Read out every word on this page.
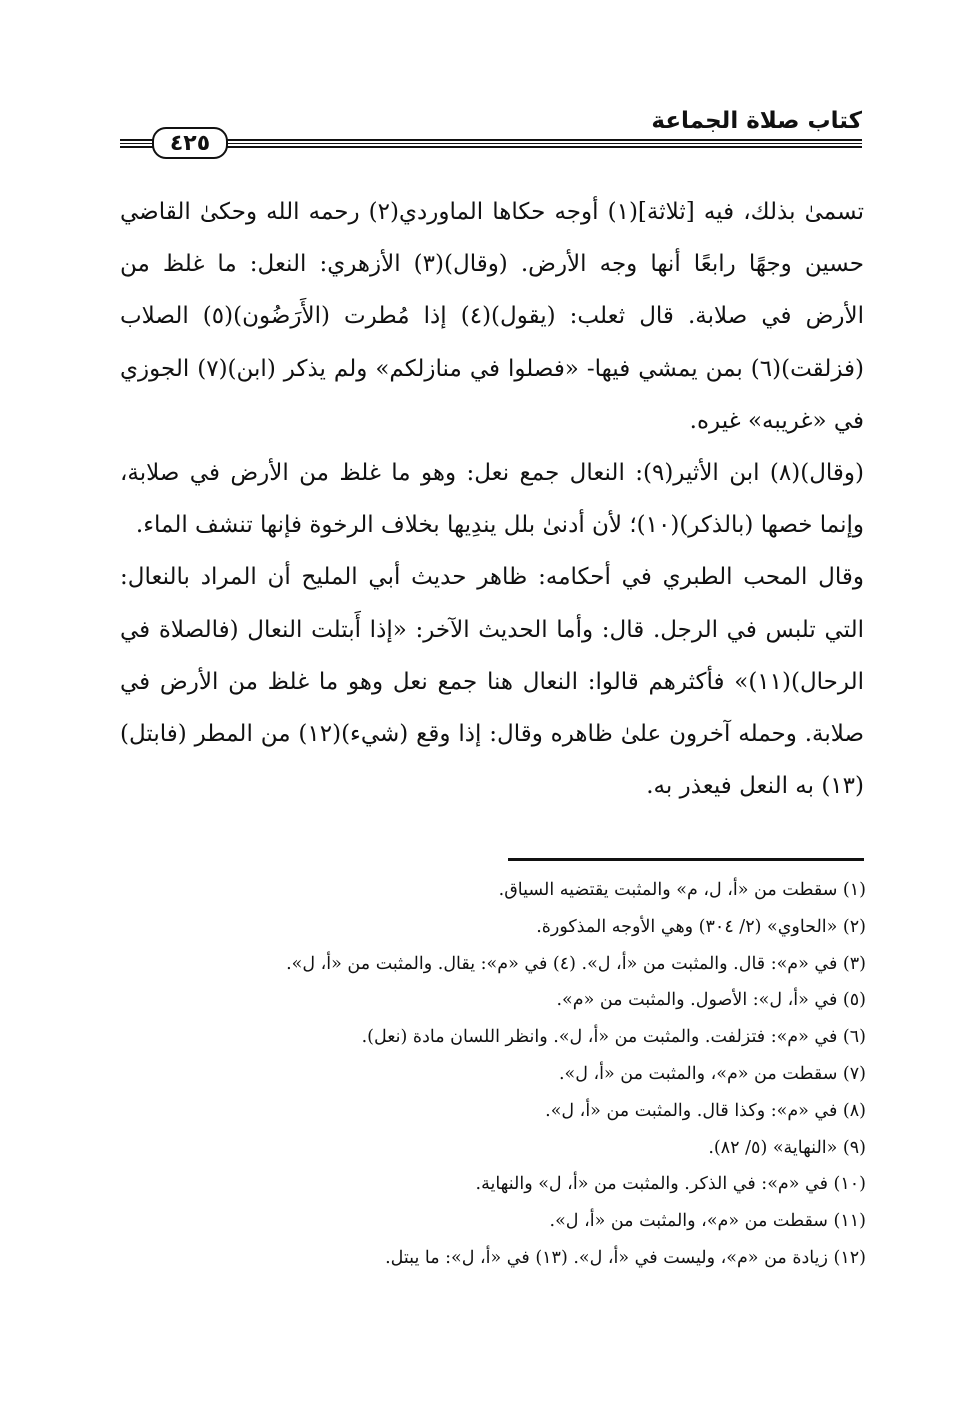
كتاب صلاة الجماعة
٤٢٥

تسمىٰ بذلك، فيه [ثلاثة](١) أوجه حكاها الماوردي(٢) رحمه الله وحكىٰ القاضي حسين وجهًا رابعًا أنها وجه الأرض. (وقال)(٣) الأزهري: النعل: ما غلظ من الأرض في صلابة. قال ثعلب: (يقول)(٤) إذا مُطرت (الأَرَضُون)(٥) الصلاب (فزلقت)(٦) بمن يمشي فيها- «فصلوا في منازلكم» ولم يذكر (ابن)(٧) الجوزي في «غريبه» غيره.

(وقال)(٨) ابن الأثير(٩): النعال جمع نعل: وهو ما غلظ من الأرض في صلابة، وإنما خصها (بالذكر)(١٠)؛ لأن أدنىٰ بلل يندِيها بخلاف الرخوة فإنها تنشف الماء.

وقال المحب الطبري في أحكامه: ظاهر حديث أبي المليح أن المراد بالنعال: التي تلبس في الرجل. قال: وأما الحديث الآخر: «إذا أَبتلت النعال (فالصلاة في الرحال)(١١)» فأكثرهم قالوا: النعال هنا جمع نعل وهو ما غلظ من الأرض في صلابة. وحمله آخرون علىٰ ظاهره وقال: إذا وقع (شيء)(١٢) من المطر (فابتل)(١٣) به النعل فيعذر به.

(١) سقطت من «أ، ل، م» والمثبت يقتضيه السياق.
(٢) «الحاوي» (٢/ ٣٠٤) وهي الأوجه المذكورة.
(٣) في «م»: قال. والمثبت من «أ، ل». (٤) في «م»: يقال. والمثبت من «أ، ل».
(٥) في «أ، ل»: الأصول. والمثبت من «م».
(٦) في «م»: فتزلفت. والمثبت من «أ، ل». وانظر اللسان مادة (نعل).
(٧) سقطت من «م»، والمثبت من «أ، ل».
(٨) في «م»: وكذا قال. والمثبت من «أ، ل».
(٩) «النهاية» (٥/ ٨٢).
(١٠) في «م»: في الذكر. والمثبت من «أ، ل» والنهاية.
(١١) سقطت من «م»، والمثبت من «أ، ل».
(١٢) زيادة من «م»، وليست في «أ، ل». (١٣) في «أ، ل»: ما يبتل.
